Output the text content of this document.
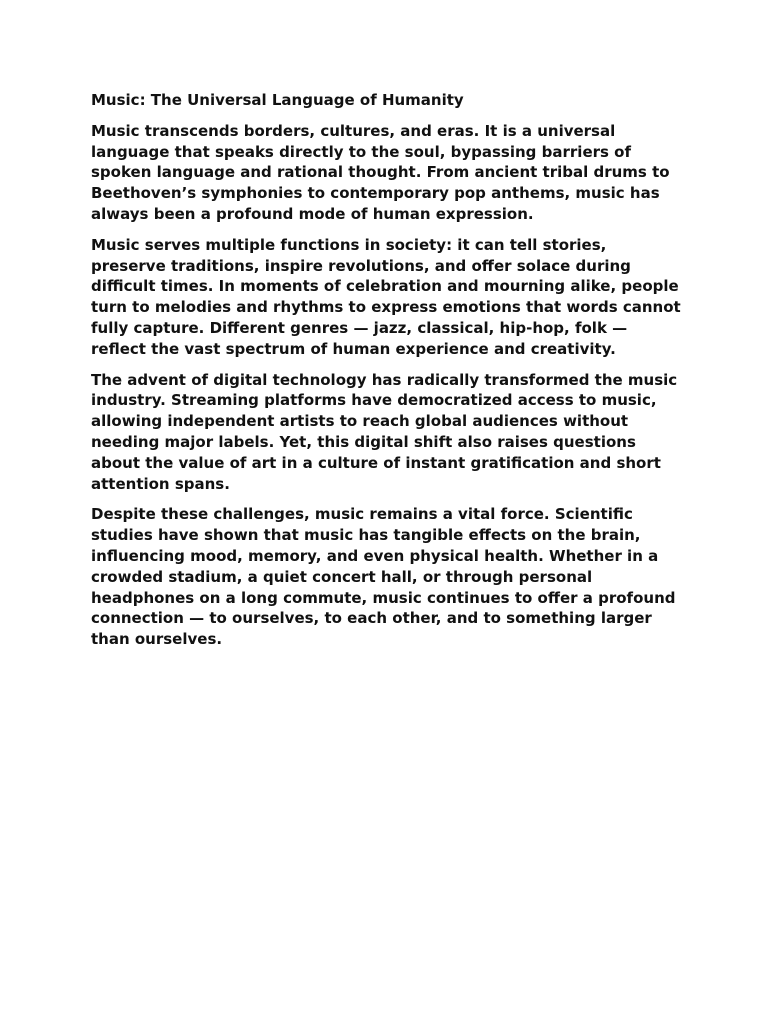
Music: The Universal Language of Humanity

Music transcends borders, cultures, and eras. It is a universal language that speaks directly to the soul, bypassing barriers of spoken language and rational thought. From ancient tribal drums to Beethoven’s symphonies to contemporary pop anthems, music has always been a profound mode of human expression.

Music serves multiple functions in society: it can tell stories, preserve traditions, inspire revolutions, and offer solace during difficult times. In moments of celebration and mourning alike, people turn to melodies and rhythms to express emotions that words cannot fully capture. Different genres — jazz, classical, hip-hop, folk — reflect the vast spectrum of human experience and creativity.

The advent of digital technology has radically transformed the music industry. Streaming platforms have democratized access to music, allowing independent artists to reach global audiences without needing major labels. Yet, this digital shift also raises questions about the value of art in a culture of instant gratification and short attention spans.

Despite these challenges, music remains a vital force. Scientific studies have shown that music has tangible effects on the brain, influencing mood, memory, and even physical health. Whether in a crowded stadium, a quiet concert hall, or through personal headphones on a long commute, music continues to offer a profound connection — to ourselves, to each other, and to something larger than ourselves.
